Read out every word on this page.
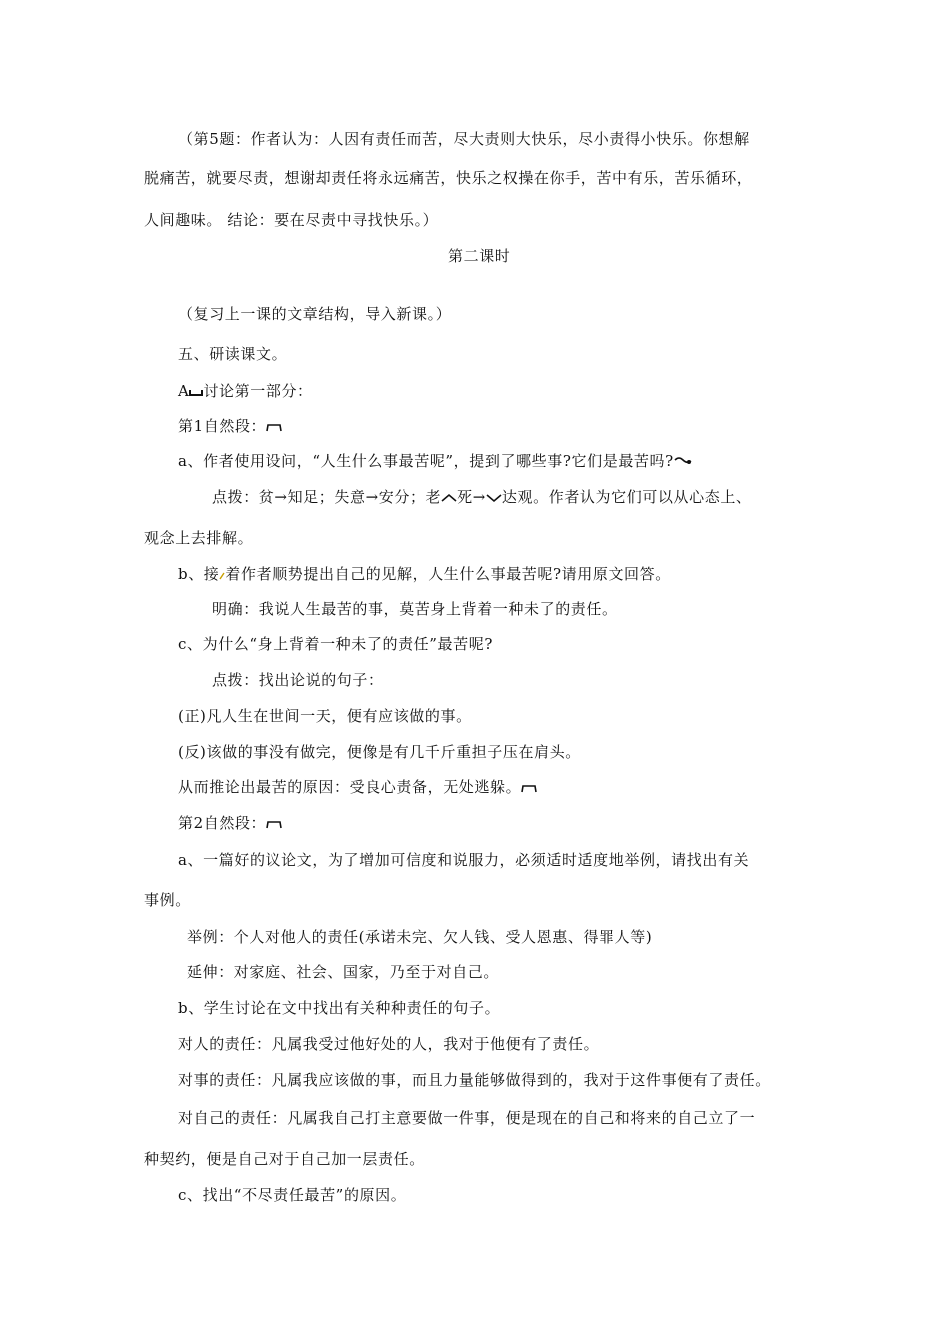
（第5题：作者认为：人因有责任而苦，尽大责则大快乐，尽小责得小快乐。你想解
脱痛苦，就要尽责，想谢却责任将永远痛苦，快乐之权操在你手，苦中有乐，苦乐循环，
人间趣味。 结论：要在尽责中寻找快乐。）
第二课时
（复习上一课的文章结构，导入新课。）
五、研读课文。
A 讨论第一部分：
第1自然段：
a、作者使用设问，“人生什么事最苦呢”，提到了哪些事?它们是最苦吗?
点拨：贫→知足；失意→安分；老 死→ 达观。作者认为它们可以从心态上、
观念上去排解。
b、接 着作者顺势提出自己的见解，人生什么事最苦呢?请用原文回答。
明确：我说人生最苦的事，莫苦身上背着一种未了的责任。
c、为什么“身上背着一种未了的责任”最苦呢?
点拨：找出论说的句子：
(正)凡人生在世间一天，便有应该做的事。
(反)该做的事没有做完，便像是有几千斤重担子压在肩头。
从而推论出最苦的原因：受良心责备，无处逃躲。
第2自然段：
a、一篇好的议论文，为了增加可信度和说服力，必须适时适度地举例，请找出有关
事例。
举例：个人对他人的责任(承诺未完、欠人钱、受人恩惠、得罪人等)
延伸：对家庭、社会、国家，乃至于对自己。
b、学生讨论在文中找出有关种种责任的句子。
对人的责任：凡属我受过他好处的人，我对于他便有了责任。
对事的责任：凡属我应该做的事，而且力量能够做得到的，我对于这件事便有了责任。
对自己的责任：凡属我自己打主意要做一件事，便是现在的自己和将来的自己立了一
种契约，便是自己对于自己加一层责任。
c、找出“不尽责任最苦”的原因。
